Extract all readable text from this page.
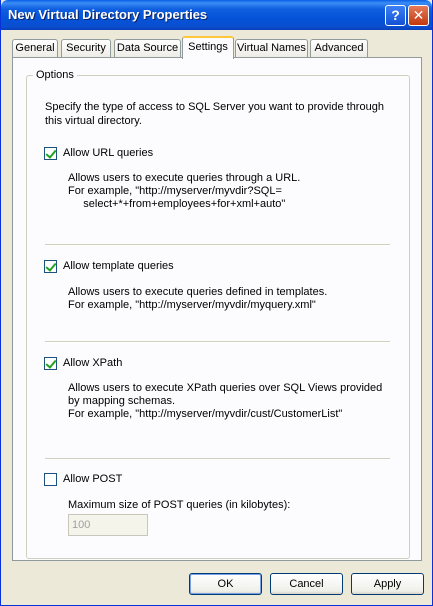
New Virtual Directory Properties	? ✕
General	Security	Data Source Settings Virtual Names Advanced
Options
Specify the type of access to SQL Server you want to provide through this virtual directory.
Allow URL queries
Allows users to execute queries through a URL.
For example, "http://myserver/myvdir?SQL=
select+*+from+employees+for+xml+auto"
Allow template queries
Allows users to execute queries defined in templates.
For example, "http://myserver/myvdir/myquery.xml"
Allow XPath
Allows users to execute XPath queries over SQL Views provided
by mapping schemas.
For example, "http://myserver/myvdir/cust/CustomerList"
Allow POST
Maximum size of POST queries (in kilobytes):
100
OK	Cancel	Apply
